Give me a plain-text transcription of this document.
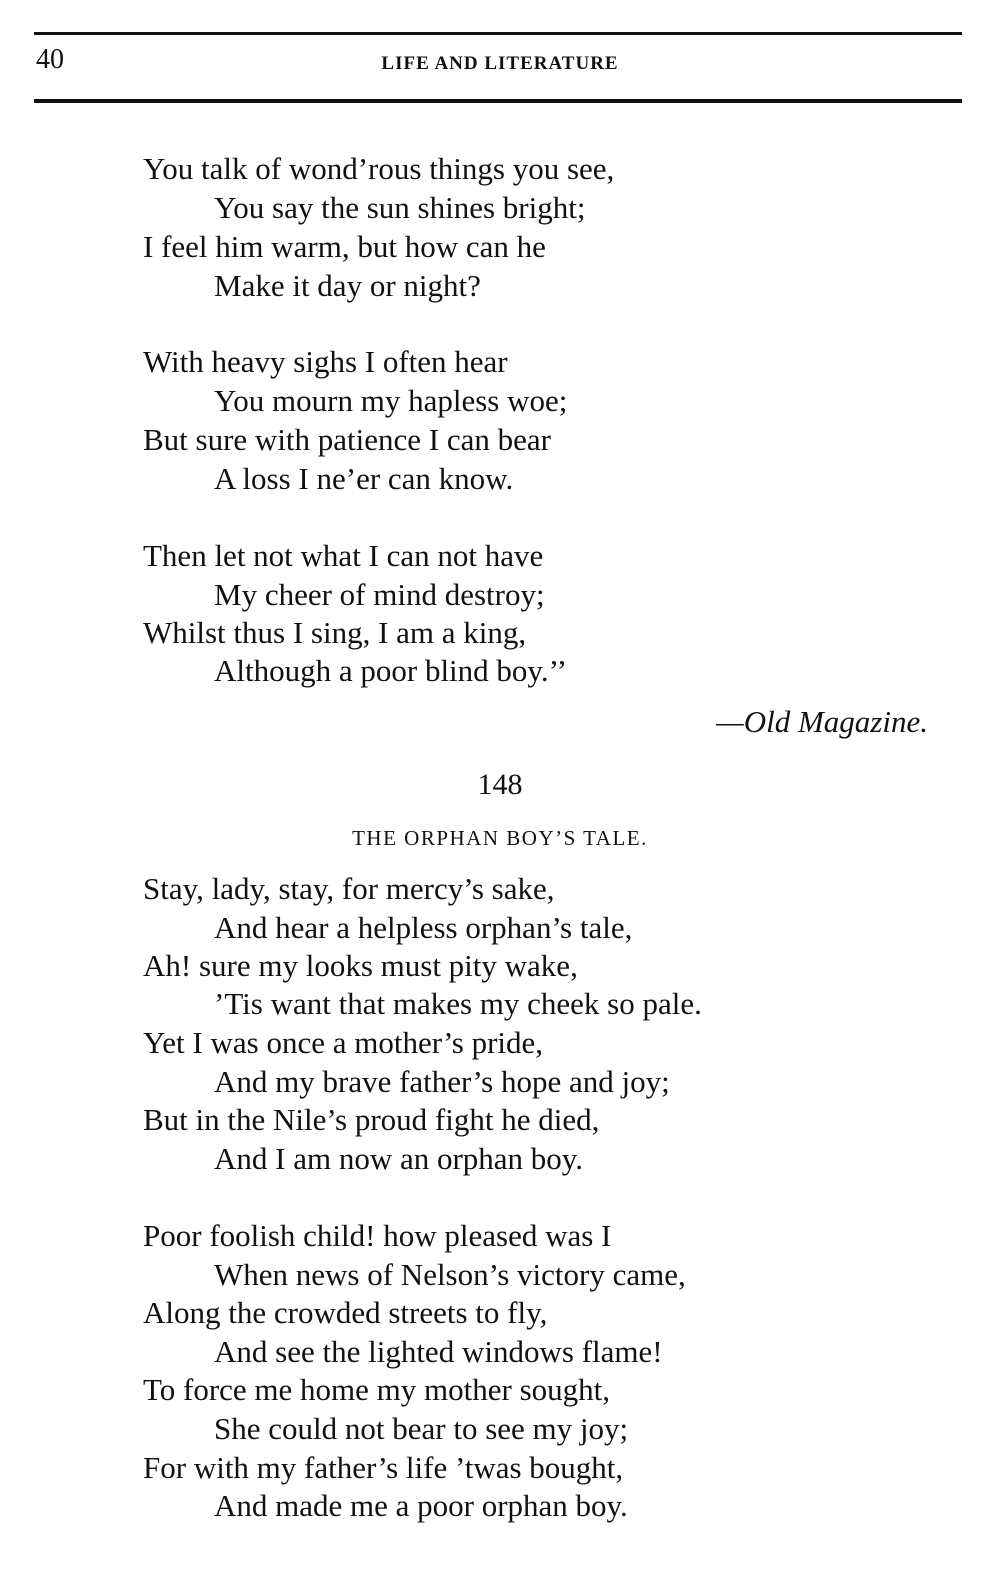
40	LIFE AND LITERATURE
You talk of wond’rous things you see,
You say the sun shines bright;
I feel him warm, but how can he
Make it day or night?
With heavy sighs I often hear
You mourn my hapless woe;
But sure with patience I can bear
A loss I ne’er can know.
Then let not what I can not have
My cheer of mind destroy;
Whilst thus I sing, I am a king,
Although a poor blind boy.’’
—Old Magazine.
148
THE ORPHAN BOY’S TALE.
Stay, lady, stay, for mercy’s sake,
And hear a helpless orphan’s tale,
Ah! sure my looks must pity wake,
’Tis want that makes my cheek so pale.
Yet I was once a mother’s pride,
And my brave father’s hope and joy;
But in the Nile’s proud fight he died,
And I am now an orphan boy.
Poor foolish child! how pleased was I
When news of Nelson’s victory came,
Along the crowded streets to fly,
And see the lighted windows flame!
To force me home my mother sought,
She could not bear to see my joy;
For with my father’s life ’twas bought,
And made me a poor orphan boy.
